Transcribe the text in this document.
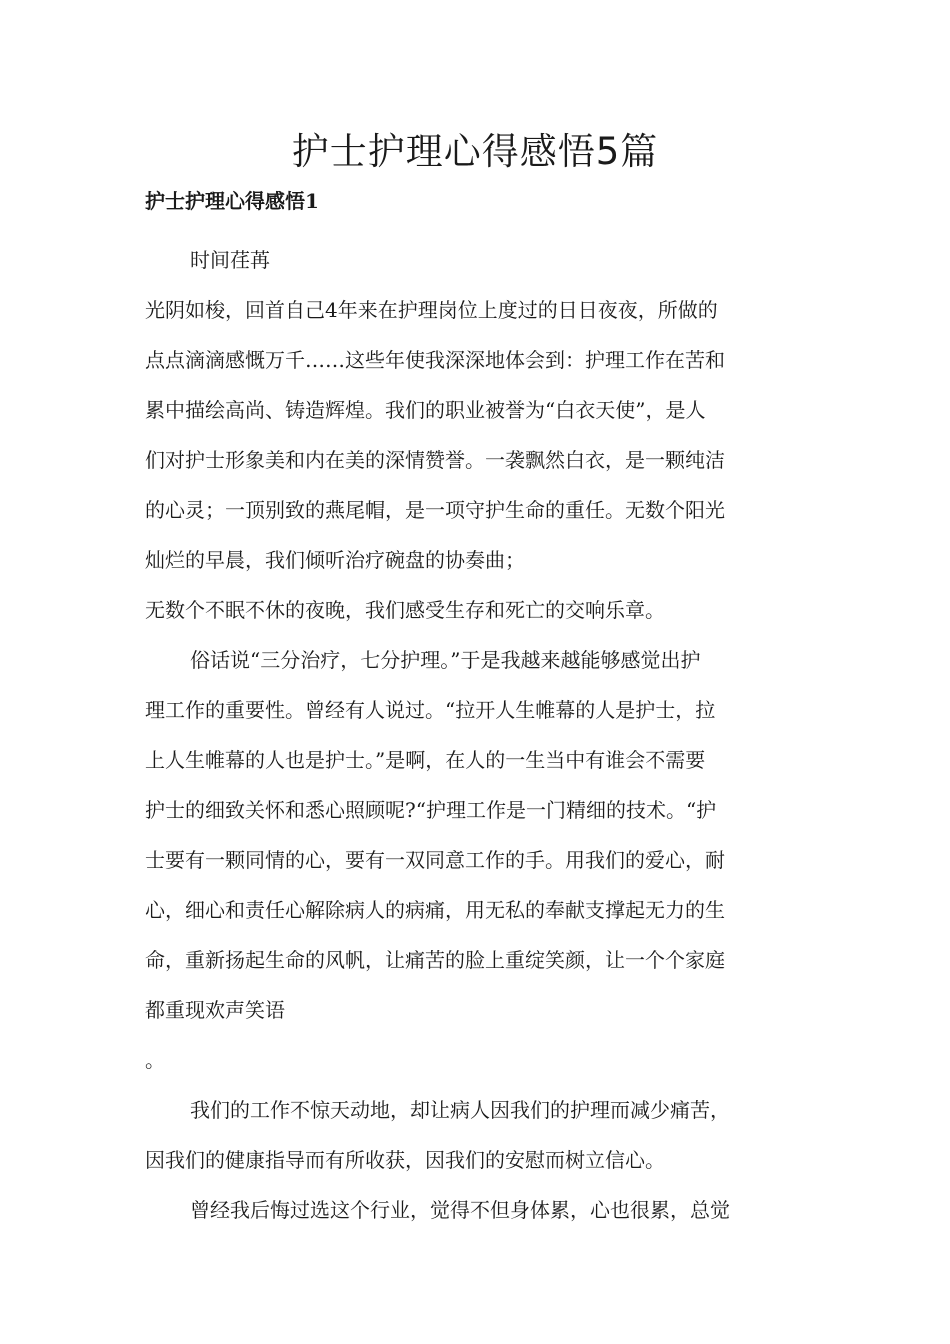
护士护理心得感悟5篇
护士护理心得感悟1

时间荏苒

光阴如梭，回首自己4年来在护理岗位上度过的日日夜夜，所做的

点点滴滴感慨万千……这些年使我深深地体会到：护理工作在苦和

累中描绘高尚、铸造辉煌。我们的职业被誉为“白衣天使”，是人

们对护士形象美和内在美的深情赞誉。一袭飘然白衣，是一颗纯洁

的心灵；一顶别致的燕尾帽，是一项守护生命的重任。无数个阳光

灿烂的早晨，我们倾听治疗碗盘的协奏曲；

无数个不眠不休的夜晚，我们感受生存和死亡的交响乐章。

俗话说“三分治疗，七分护理。”于是我越来越能够感觉出护

理工作的重要性。曾经有人说过。“拉开人生帷幕的人是护士，拉

上人生帷幕的人也是护士。”是啊，在人的一生当中有谁会不需要

护士的细致关怀和悉心照顾呢?“护理工作是一门精细的技术。“护

士要有一颗同情的心，要有一双同意工作的手。用我们的爱心，耐

心，细心和责任心解除病人的病痛，用无私的奉献支撑起无力的生

命，重新扬起生命的风帆，让痛苦的脸上重绽笑颜，让一个个家庭

都重现欢声笑语

。

我们的工作不惊天动地，却让病人因我们的护理而减少痛苦，

因我们的健康指导而有所收获，因我们的安慰而树立信心。

曾经我后悔过选这个行业，觉得不但身体累，心也很累，总觉
